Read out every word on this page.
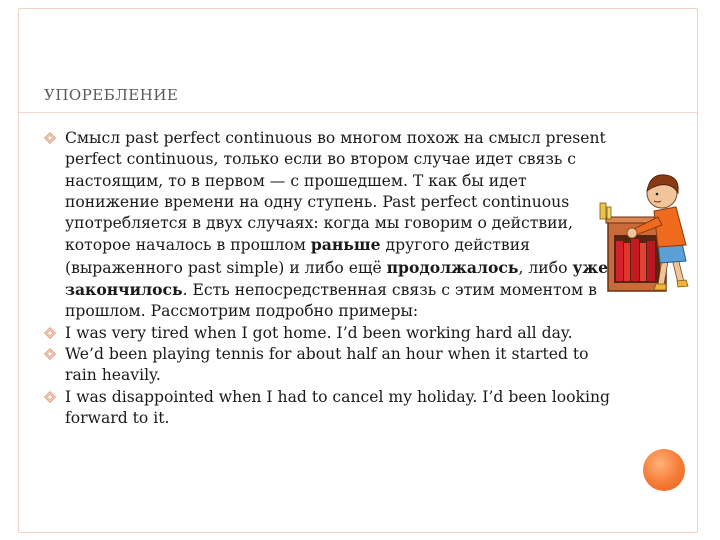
УПОРЕБЛЕНИЕ
Смысл past perfect continuous во многом похож на смысл present perfect continuous, только если во втором случае идет связь с настоящим, то в первом — с прошедшем. Т как бы идет понижение времени на одну ступень. Past perfect continuous употребляется в двух случаях: когда мы говорим о действии, которое началось в прошлом раньше другого действия (выраженного past simple) и либо ещё продолжалось, либо уже закончилось. Есть непосредственная связь с этим моментом в прошлом. Рассмотрим подробно примеры:
I was very tired when I got home. I’d been working hard all day.
We’d been playing tennis for about half an hour when it started to rain heavily.
I was disappointed when I had to cancel my holiday. I’d been looking forward to it.
